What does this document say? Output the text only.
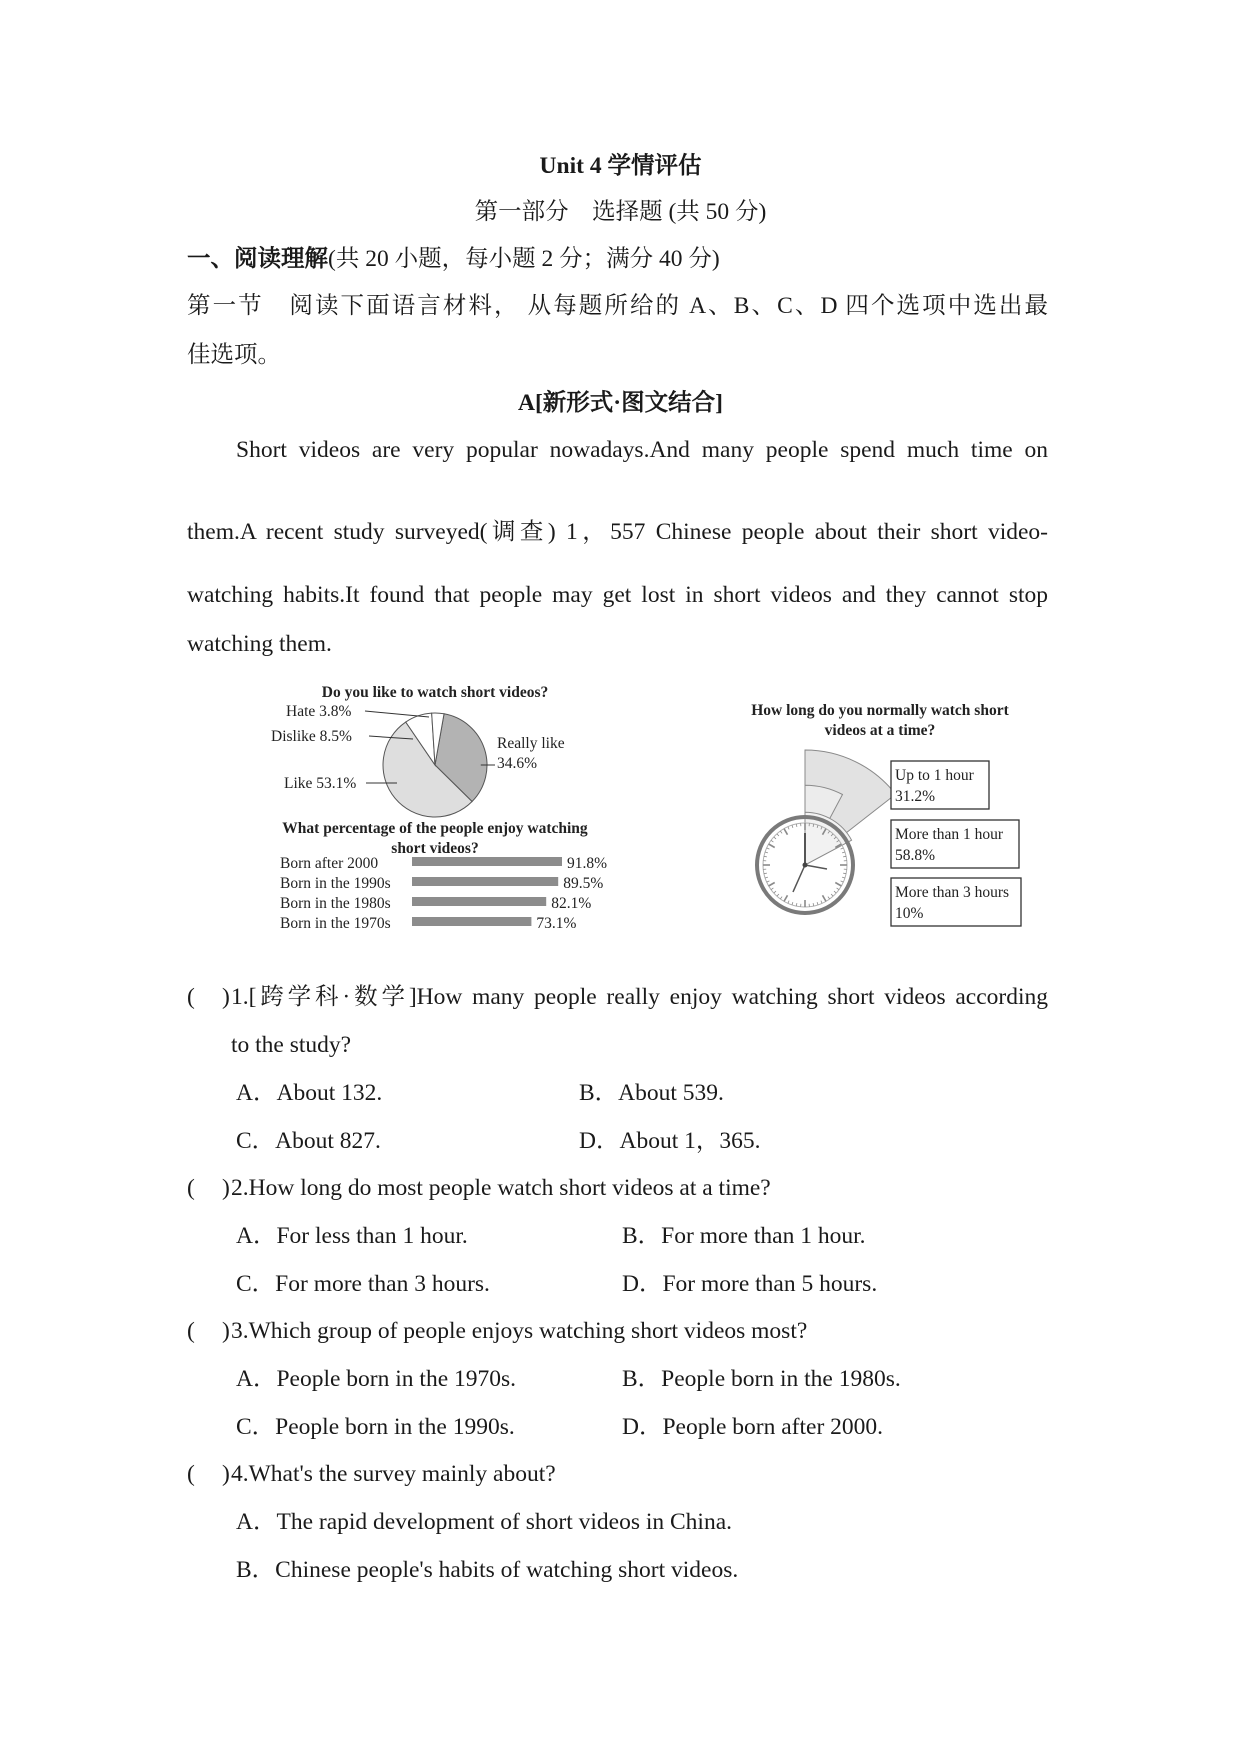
Unit 4 学情评估
第一部分　选择题 (共 50 分)
一、阅读理解(共 20 小题，每小题 2 分；满分 40 分)
第一节　阅读下面语言材料， 从每题所给的 A、B、C、D 四个选项中选出最
佳选项。
A[新形式·图文结合]
Short videos are very popular nowadays.And many people spend much time on
them.A recent study surveyed(调查) 1，557 Chinese people about their short video-
watching habits.It found that people may get lost in short videos and they cannot stop
watching them.
Do you like to watch short videos?
Really like
34.6%
Like 53.1%
Dislike 8.5%
Hate 3.8%
What percentage of the people enjoy watching
short videos?
Born after 2000	91.8%
Born in the 1990s	89.5%
Born in the 1980s	82.1%
Born in the 1970s	73.1%
How long do you normally watch short
videos at a time?
Up to 1 hour
31.2%
More than 1 hour
58.8%
More than 3 hours
10%
( ) 1.[跨学科·数学]How many people really enjoy watching short videos according
to the study?
A．About 132.	B．About 539.
C．About 827.	D．About 1，365.
( ) 2.How long do most people watch short videos at a time?
A．For less than 1 hour.	B．For more than 1 hour.
C．For more than 3 hours.	D．For more than 5 hours.
( ) 3.Which group of people enjoys watching short videos most?
A．People born in the 1970s.	B．People born in the 1980s.
C．People born in the 1990s.	D．People born after 2000.
( ) 4.What's the survey mainly about?
A．The rapid development of short videos in China.
B．Chinese people's habits of watching short videos.
